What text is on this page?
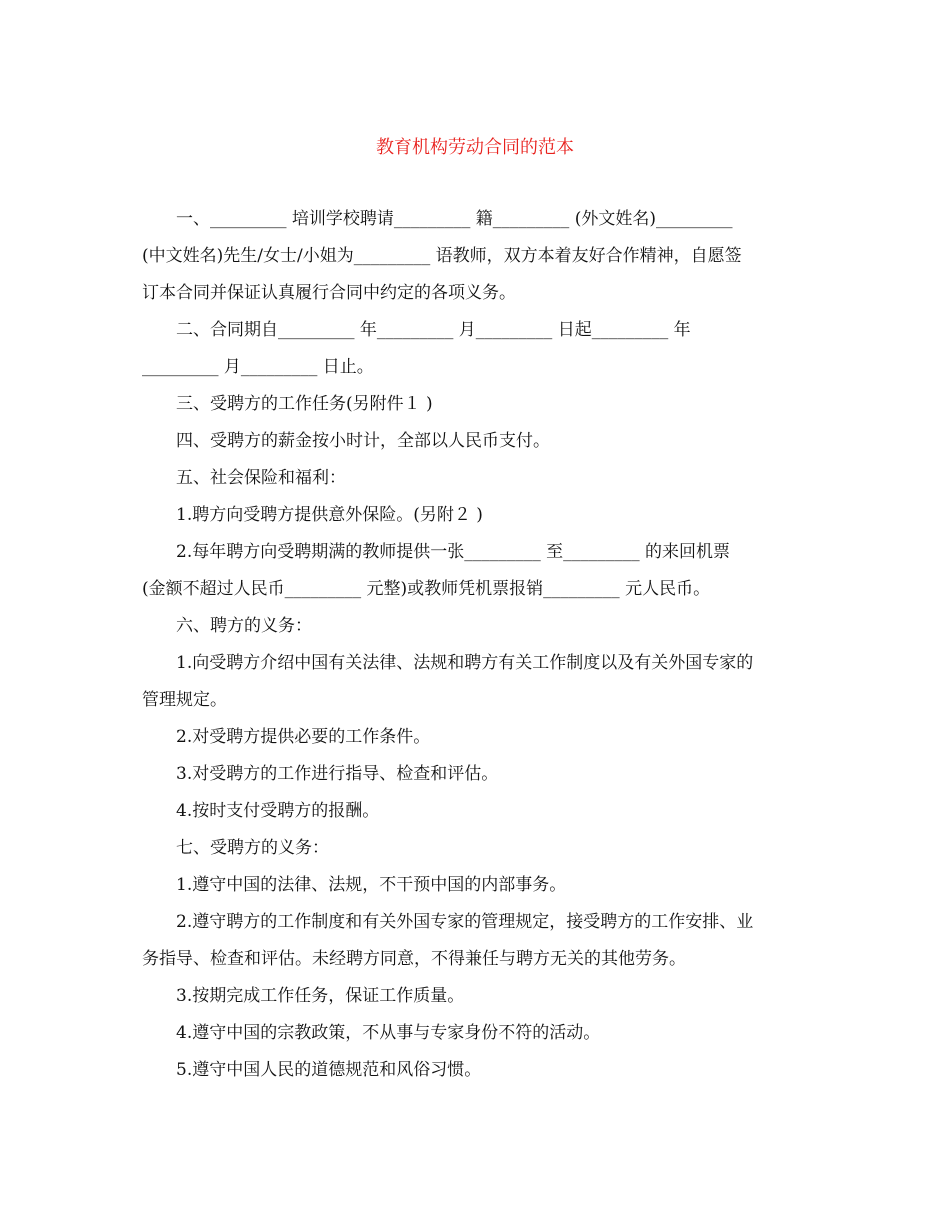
教育机构劳动合同的范本
一、_________ 培训学校聘请_________ 籍_________ (外文姓名)_________
(中文姓名)先生/女士/小姐为_________ 语教师，双方本着友好合作精神，自愿签
订本合同并保证认真履行合同中约定的各项义务。
二、合同期自_________ 年_________ 月_________ 日起_________ 年
_________ 月_________ 日止。
三、受聘方的工作任务(另附件１ )
四、受聘方的薪金按小时计，全部以人民币支付。
五、社会保险和福利：
1.聘方向受聘方提供意外保险。(另附２ )
2.每年聘方向受聘期满的教师提供一张_________ 至_________ 的来回机票
(金额不超过人民币_________ 元整)或教师凭机票报销_________ 元人民币。
六、聘方的义务：
1.向受聘方介绍中国有关法律、法规和聘方有关工作制度以及有关外国专家的
管理规定。
2.对受聘方提供必要的工作条件。
3.对受聘方的工作进行指导、检查和评估。
4.按时支付受聘方的报酬。
七、受聘方的义务：
1.遵守中国的法律、法规，不干预中国的内部事务。
2.遵守聘方的工作制度和有关外国专家的管理规定，接受聘方的工作安排、业
务指导、检查和评估。未经聘方同意，不得兼任与聘方无关的其他劳务。
3.按期完成工作任务，保证工作质量。
4.遵守中国的宗教政策，不从事与专家身份不符的活动。
5.遵守中国人民的道德规范和风俗习惯。
